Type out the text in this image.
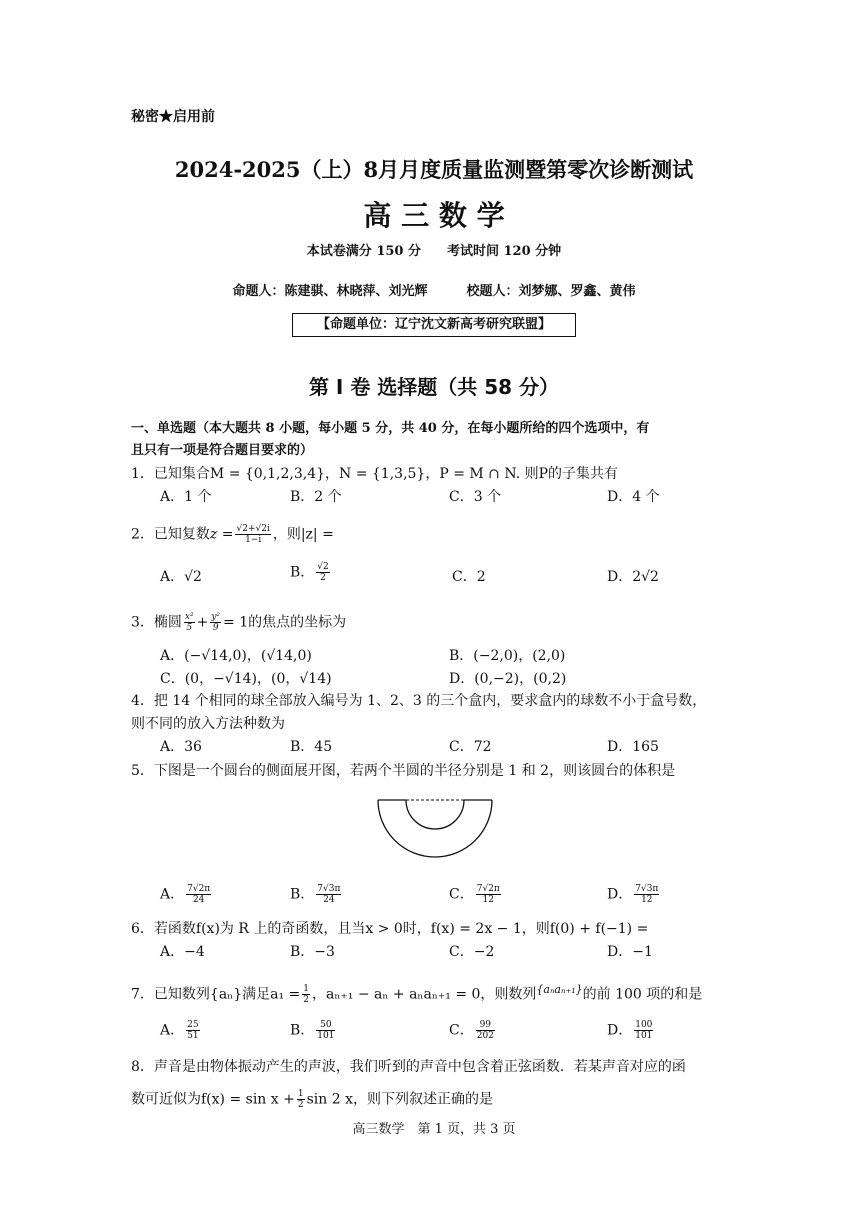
秘密★启用前
2024-2025（上）8月月度质量监测暨第零次诊断测试
高 三 数 学
本试卷满分 150 分　　考试时间 120 分钟
命题人：陈建骐、林晓萍、刘光辉　　　校题人：刘梦娜、罗鑫、黄伟
【命题单位：辽宁沈文新高考研究联盟】
第 I 卷 选择题（共 58 分）
一、单选题（本大题共 8 小题，每小题 5 分，共 40 分，在每小题所给的四个选项中，有
且只有一项是符合题目要求的）
1．已知集合M = {0,1,2,3,4}，N = {1,3,5}，P = M ∩ N. 则P的子集共有
A．1 个	B．2 个	C．3 个	D．4 个
2．已知复数$z = \frac{√2+√2i}{1-i}$ ，则|z| =
A．√2	B． $\frac{√2}{2}$	C．2	D．2√2
3．椭圆 $\frac{\text{x²}}{5} + \frac{\text{y²}}{9} = 1$的焦点的坐标为
A．(−√14,0)，(√14,0)	B．(−2,0)，(2,0)
C．(0，−√14)，(0，√14)	D．(0,−2)，(0,2)
4．把 14 个相同的球全部放入编号为 1、2、3 的三个盒内，要求盒内的球数不小于盒号数，
则不同的放入方法种数为
A．36	B．45	C．72	D．165
5．下图是一个圆台的侧面展开图，若两个半圆的半径分别是 1 和 2，则该圆台的体积是
A． $\frac{7√2\pi}{24}$	B． $\frac{7√3\pi}{24}$	C． $\frac{7√2\pi}{12}$	D． $\frac{7√3\pi}{12}$
6．若函数f(x)为 R 上的奇函数，且当x > 0时，f(x) = 2x − 1，则f(0) + f(−1) =
A．−4	B．−3	C．−2	D．−1
7．已知数列{aₙ}满足$a_1 = \frac{1}{2}$ ，aₙ₊₁ − aₙ + aₙaₙ₊₁ = 0，则数列$^{\{a_na_{n+1}\}}$的前 100 项的和是
A． $\frac{25}{51}$	B． $\frac{50}{101}$	C． $\frac{99}{202}$	D． $\frac{100}{101}$
8．声音是由物体振动产生的声波，我们听到的声音中包含着正弦函数．若某声音对应的函
数可近似为$f(x) = \sin x + \frac{1}{2}$ sin 2 x，则下列叙述正确的是
高三数学　第 1 页，共 3 页
